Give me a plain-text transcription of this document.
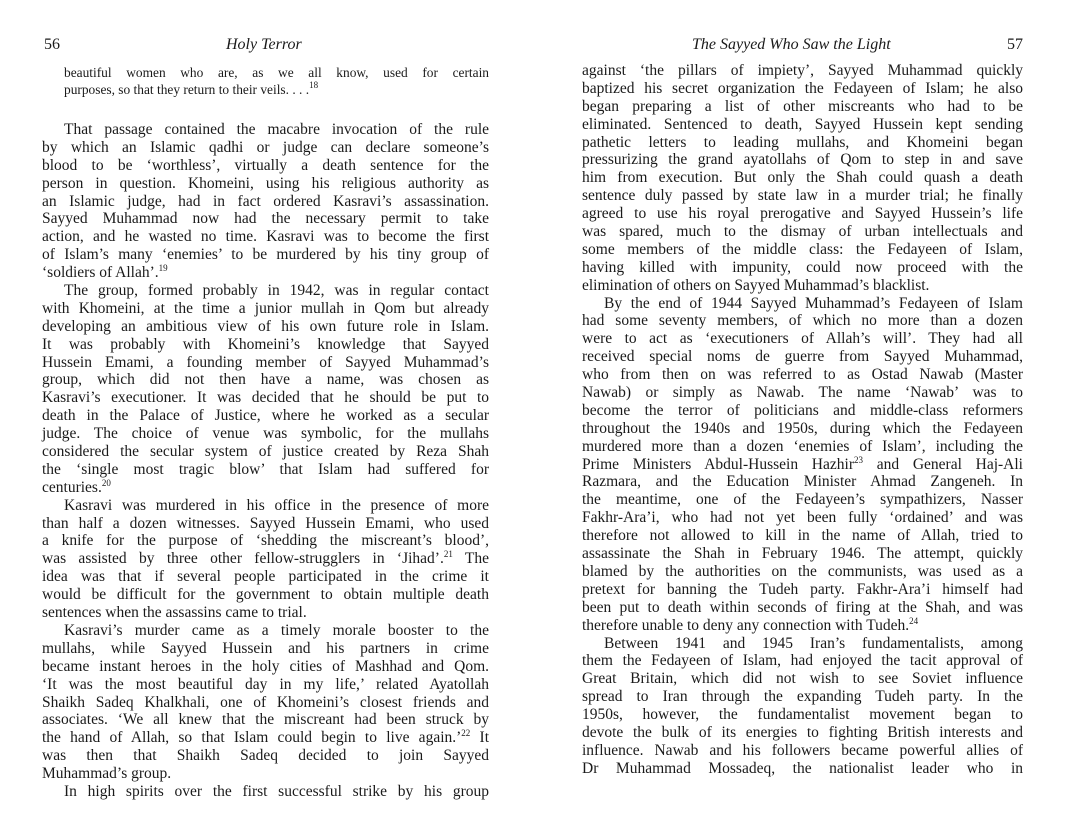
56	Holy Terror
beautiful women who are, as we all know, used for certain
purposes, so that they return to their veils. . . .$^{18}$
That passage contained the macabre invocation of the rule
by which an Islamic qadhi or judge can declare someone’s
blood to be ‘worthless’, virtually a death sentence for the
person in question. Khomeini, using his religious authority as
an Islamic judge, had in fact ordered Kasravi’s assassination.
Sayyed Muhammad now had the necessary permit to take
action, and he wasted no time. Kasravi was to become the first
of Islam’s many ‘enemies’ to be murdered by his tiny group of
‘soldiers of Allah’.$^{19}$
The group, formed probably in 1942, was in regular contact
with Khomeini, at the time a junior mullah in Qom but already
developing an ambitious view of his own future role in Islam.
It was probably with Khomeini’s knowledge that Sayyed
Hussein Emami, a founding member of Sayyed Muhammad’s
group, which did not then have a name, was chosen as
Kasravi’s executioner. It was decided that he should be put to
death in the Palace of Justice, where he worked as a secular
judge. The choice of venue was symbolic, for the mullahs
considered the secular system of justice created by Reza Shah
the ‘single most tragic blow’ that Islam had suffered for
centuries.$^{20}$
Kasravi was murdered in his office in the presence of more
than half a dozen witnesses. Sayyed Hussein Emami, who used
a knife for the purpose of ‘shedding the miscreant’s blood’,
was assisted by three other fellow-strugglers in ‘Jihad’.$^{21}$ The
idea was that if several people participated in the crime it
would be difficult for the government to obtain multiple death
sentences when the assassins came to trial.
Kasravi’s murder came as a timely morale booster to the
mullahs, while Sayyed Hussein and his partners in crime
became instant heroes in the holy cities of Mashhad and Qom.
‘It was the most beautiful day in my life,’ related Ayatollah
Shaikh Sadeq Khalkhali, one of Khomeini’s closest friends and
associates. ‘We all knew that the miscreant had been struck by
the hand of Allah, so that Islam could begin to live again.’$^{22}$ It
was then that Shaikh Sadeq decided to join Sayyed
Muhammad’s group.
In high spirits over the first successful strike by his group
The Sayyed Who Saw the Light	57
against ‘the pillars of impiety’, Sayyed Muhammad quickly
baptized his secret organization the Fedayeen of Islam; he also
began preparing a list of other miscreants who had to be
eliminated. Sentenced to death, Sayyed Hussein kept sending
pathetic letters to leading mullahs, and Khomeini began
pressurizing the grand ayatollahs of Qom to step in and save
him from execution. But only the Shah could quash a death
sentence duly passed by state law in a murder trial; he finally
agreed to use his royal prerogative and Sayyed Hussein’s life
was spared, much to the dismay of urban intellectuals and
some members of the middle class: the Fedayeen of Islam,
having killed with impunity, could now proceed with the
elimination of others on Sayyed Muhammad’s blacklist.
By the end of 1944 Sayyed Muhammad’s Fedayeen of Islam
had some seventy members, of which no more than a dozen
were to act as ‘executioners of Allah’s will’. They had all
received special noms de guerre from Sayyed Muhammad,
who from then on was referred to as Ostad Nawab (Master
Nawab) or simply as Nawab. The name ‘Nawab’ was to
become the terror of politicians and middle-class reformers
throughout the 1940s and 1950s, during which the Fedayeen
murdered more than a dozen ‘enemies of Islam’, including the
Prime Ministers Abdul-Hussein Hazhir$^{23}$ and General Haj-Ali
Razmara, and the Education Minister Ahmad Zangeneh. In
the meantime, one of the Fedayeen’s sympathizers, Nasser
Fakhr-Ara’i, who had not yet been fully ‘ordained’ and was
therefore not allowed to kill in the name of Allah, tried to
assassinate the Shah in February 1946. The attempt, quickly
blamed by the authorities on the communists, was used as a
pretext for banning the Tudeh party. Fakhr-Ara’i himself had
been put to death within seconds of firing at the Shah, and was
therefore unable to deny any connection with Tudeh.$^{24}$
Between 1941 and 1945 Iran’s fundamentalists, among
them the Fedayeen of Islam, had enjoyed the tacit approval of
Great Britain, which did not wish to see Soviet influence
spread to Iran through the expanding Tudeh party. In the
1950s, however, the fundamentalist movement began to
devote the bulk of its energies to fighting British interests and
influence. Nawab and his followers became powerful allies of
Dr Muhammad Mossadeq, the nationalist leader who in
